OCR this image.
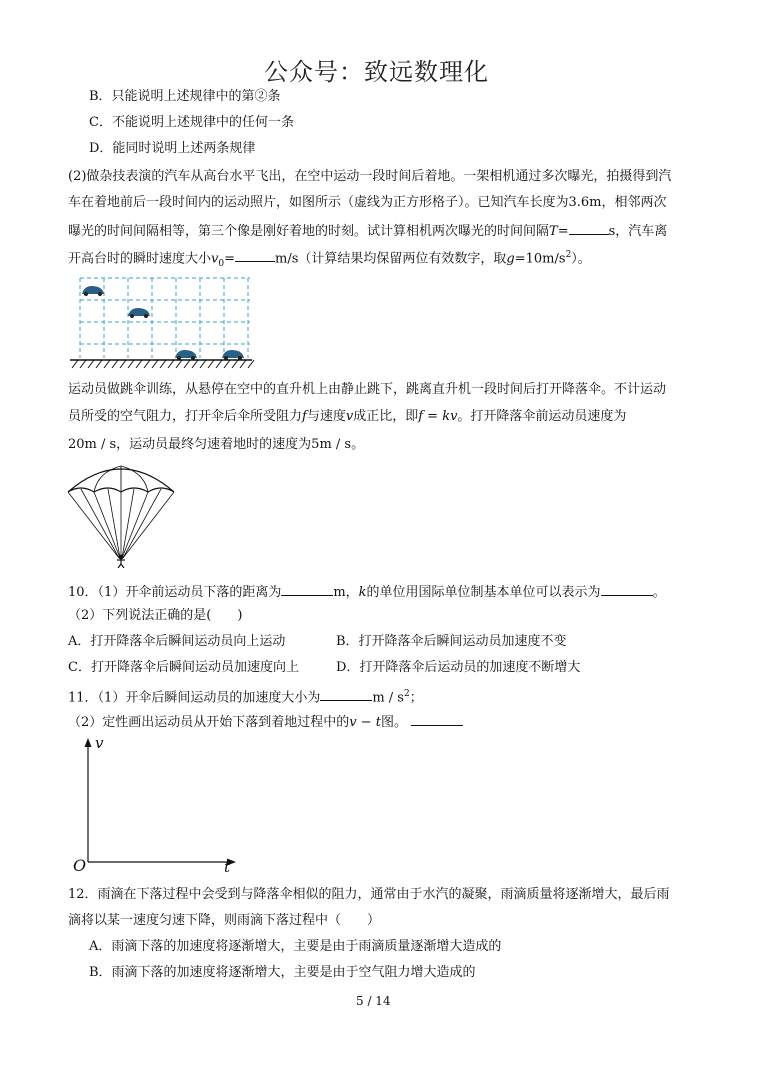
公众号：致远数理化
B．只能说明上述规律中的第②条
C．不能说明上述规律中的任何一条
D．能同时说明上述两条规律
(2)做杂技表演的汽车从高台水平飞出，在空中运动一段时间后着地。一架相机通过多次曝光，拍摄得到汽
车在着地前后一段时间内的运动照片，如图所示（虚线为正方形格子）。已知汽车长度为3.6m，相邻两次
曝光的时间间隔相等，第三个像是刚好着地的时刻。试计算相机两次曝光的时间间隔T=	s，汽车离
开高台时的瞬时速度大小$v_0=$	m/s（计算结果均保留两位有效数字，取$g=10m/s^2$）。
运动员做跳伞训练，从悬停在空中的直升机上由静止跳下，跳离直升机一段时间后打开降落伞。不计运动
员所受的空气阻力，打开伞后伞所受阻力f与速度v成正比，即f = kv。打开降落伞前运动员速度为
20m / s，运动员最终匀速着地时的速度为5m / s。
10．（1）开伞前运动员下落的距离为	m，k的单位用国际单位制基本单位可以表示为	。
（2）下列说法正确的是(　　)
A．打开降落伞后瞬间运动员向上运动	B．打开降落伞后瞬间运动员加速度不变
C．打开降落伞后瞬间运动员加速度向上	D．打开降落伞后运动员的加速度不断增大
11．（1）开伞后瞬间运动员的加速度大小为	m / $s^2$；
（2）定性画出运动员从开始下落到着地过程中的v − t图。
v
t
O
12．雨滴在下落过程中会受到与降落伞相似的阻力，通常由于水汽的凝聚，雨滴质量将逐渐增大，最后雨
滴将以某一速度匀速下降，则雨滴下落过程中（　　）
A．雨滴下落的加速度将逐渐增大，主要是由于雨滴质量逐渐增大造成的
B．雨滴下落的加速度将逐渐增大，主要是由于空气阻力增大造成的
5 / 14
